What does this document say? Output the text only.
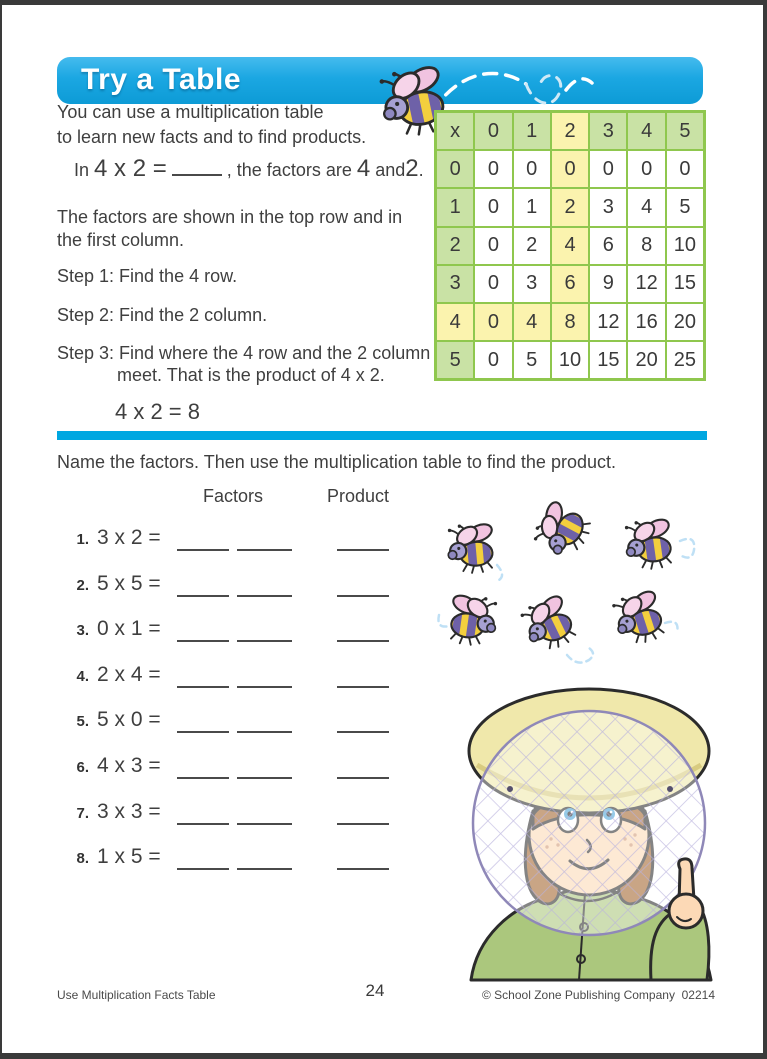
Try a Table
You can use a multiplication table
to learn new facts and to find products.
In 4 x 2 =	, the factors are 4 and2.
The factors are shown in the top row and in
the first column.
Step 1: Find the 4 row.
Step 2: Find the 2 column.
Step 3: Find where the 4 row and the 2 column
meet. That is the product of 4 x 2.
4 x 2 = 8
x	0	1	2	3	4	5
0	0	0	0	0	0	0
1	0	1	2	3	4	5
2	0	2	4	6	8	10
3	0	3	6	9	12 15
4	0	4	8	12 16 20
5	0	5	10 15 20 25
Name the factors. Then use the multiplication table to find the product.
Factors	Product
1. 3 x 2 =
2. 5 x 5 =
3. 0 x 1 =
4. 2 x 4 =
5. 5 x 0 =
6. 4 x 3 =
7. 3 x 3 =
8. 1 x 5 =
Use Multiplication Facts Table	24	© School Zone Publishing Company  02214
